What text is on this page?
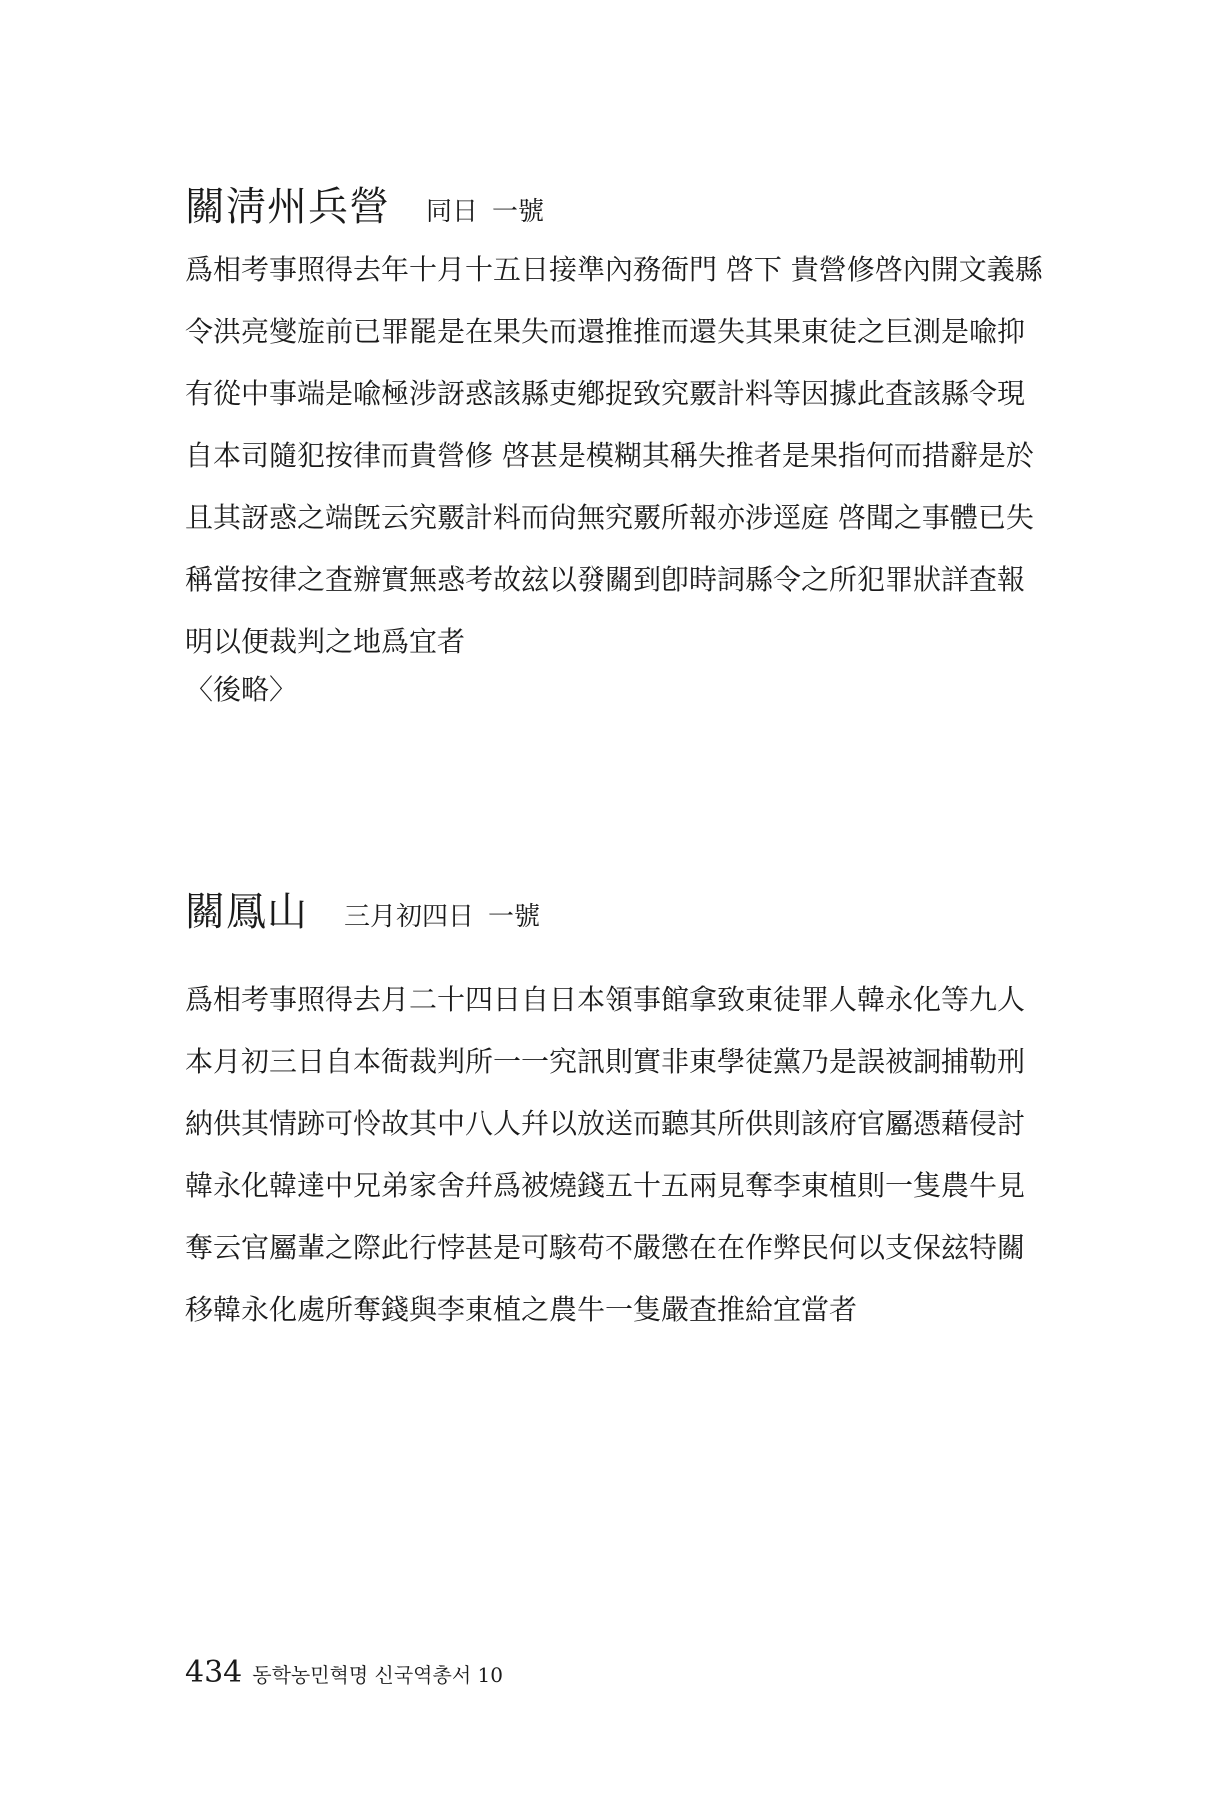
關淸州兵營 同日 一號
爲相考事照得去年十月十五日接準內務衙門 啓下 貴營修啓內開文義縣
令洪亮燮㫌前已罪罷是在果失而還推推而還失其果東徒之巨測是喩抑
有從中事端是喩極涉訝惑該縣吏鄕捉致究覈計料等因據此査該縣令現
自本司隨犯按律而貴營修 啓甚是模糊其稱失推者是果指何而措辭是於
且其訝惑之端旣云究覈計料而尙無究覈所報亦涉逕庭 啓聞之事體已失
稱當按律之査辦實無惑考故玆以發關到卽時詞縣令之所犯罪狀詳査報
明以便裁判之地爲宜者
〈後略〉
關鳳山 三月初四日 一號
爲相考事照得去月二十四日自日本領事館拿致東徒罪人韓永化等九人
本月初三日自本衙裁判所一一究訊則實非東學徒黨乃是誤被詗捕勒刑
納供其情跡可怜故其中八人幷以放送而聽其所供則該府官屬憑藉侵討
韓永化韓達中兄弟家舍幷爲被燒錢五十五兩見奪李東植則一隻農牛見
奪云官屬輩之際此行悖甚是可駭苟不嚴懲在在作弊民何以支保玆特關
移韓永化處所奪錢與李東植之農牛一隻嚴査推給宜當者
434 동학농민혁명 신국역총서 10
